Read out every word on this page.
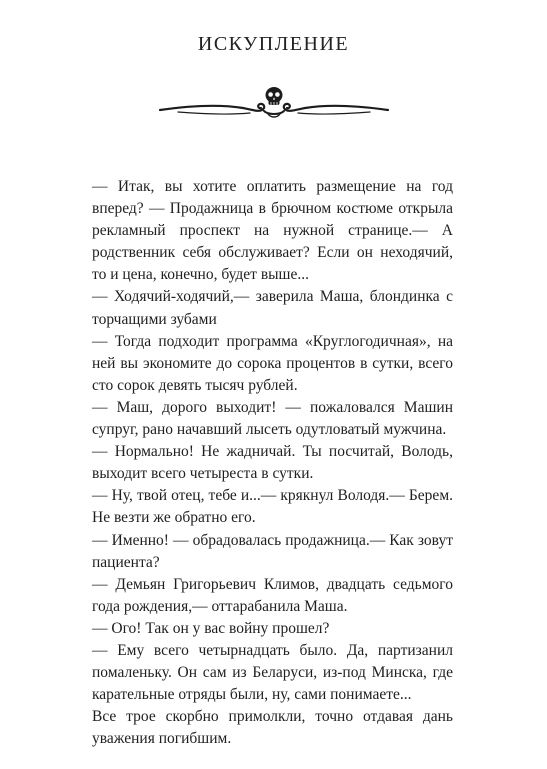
ИСКУПЛЕНИЕ

— Итак, вы хотите оплатить размещение на год вперед? — Продажница в брючном костюме открыла рекламный проспект на нужной странице.— А родственник себя обслуживает? Если он неходячий, то и цена, конечно, будет выше...

— Ходячий-ходячий,— заверила Маша, блондинка с торчащими зубами

— Тогда подходит программа «Круглогодичная», на ней вы экономите до сорока процентов в сутки, всего сто сорок девять тысяч рублей.

— Маш, дорого выходит! — пожаловался Машин супруг, рано начавший лысеть одутловатый мужчина.

— Нормально! Не жадничай. Ты посчитай, Володь, выходит всего четыреста в сутки.

— Ну, твой отец, тебе и...— крякнул Володя.— Берем. Не везти же обратно его.

— Именно! — обрадовалась продажница.— Как зовут пациента?

— Демьян Григорьевич Климов, двадцать седьмого года рождения,— оттарабанила Маша.

— Ого! Так он у вас войну прошел?

— Ему всего четырнадцать было. Да, партизанил помаленьку. Он сам из Беларуси, из-под Минска, где карательные отряды были, ну, сами понимаете...

Все трое скорбно примолкли, точно отдавая дань уважения погибшим.
